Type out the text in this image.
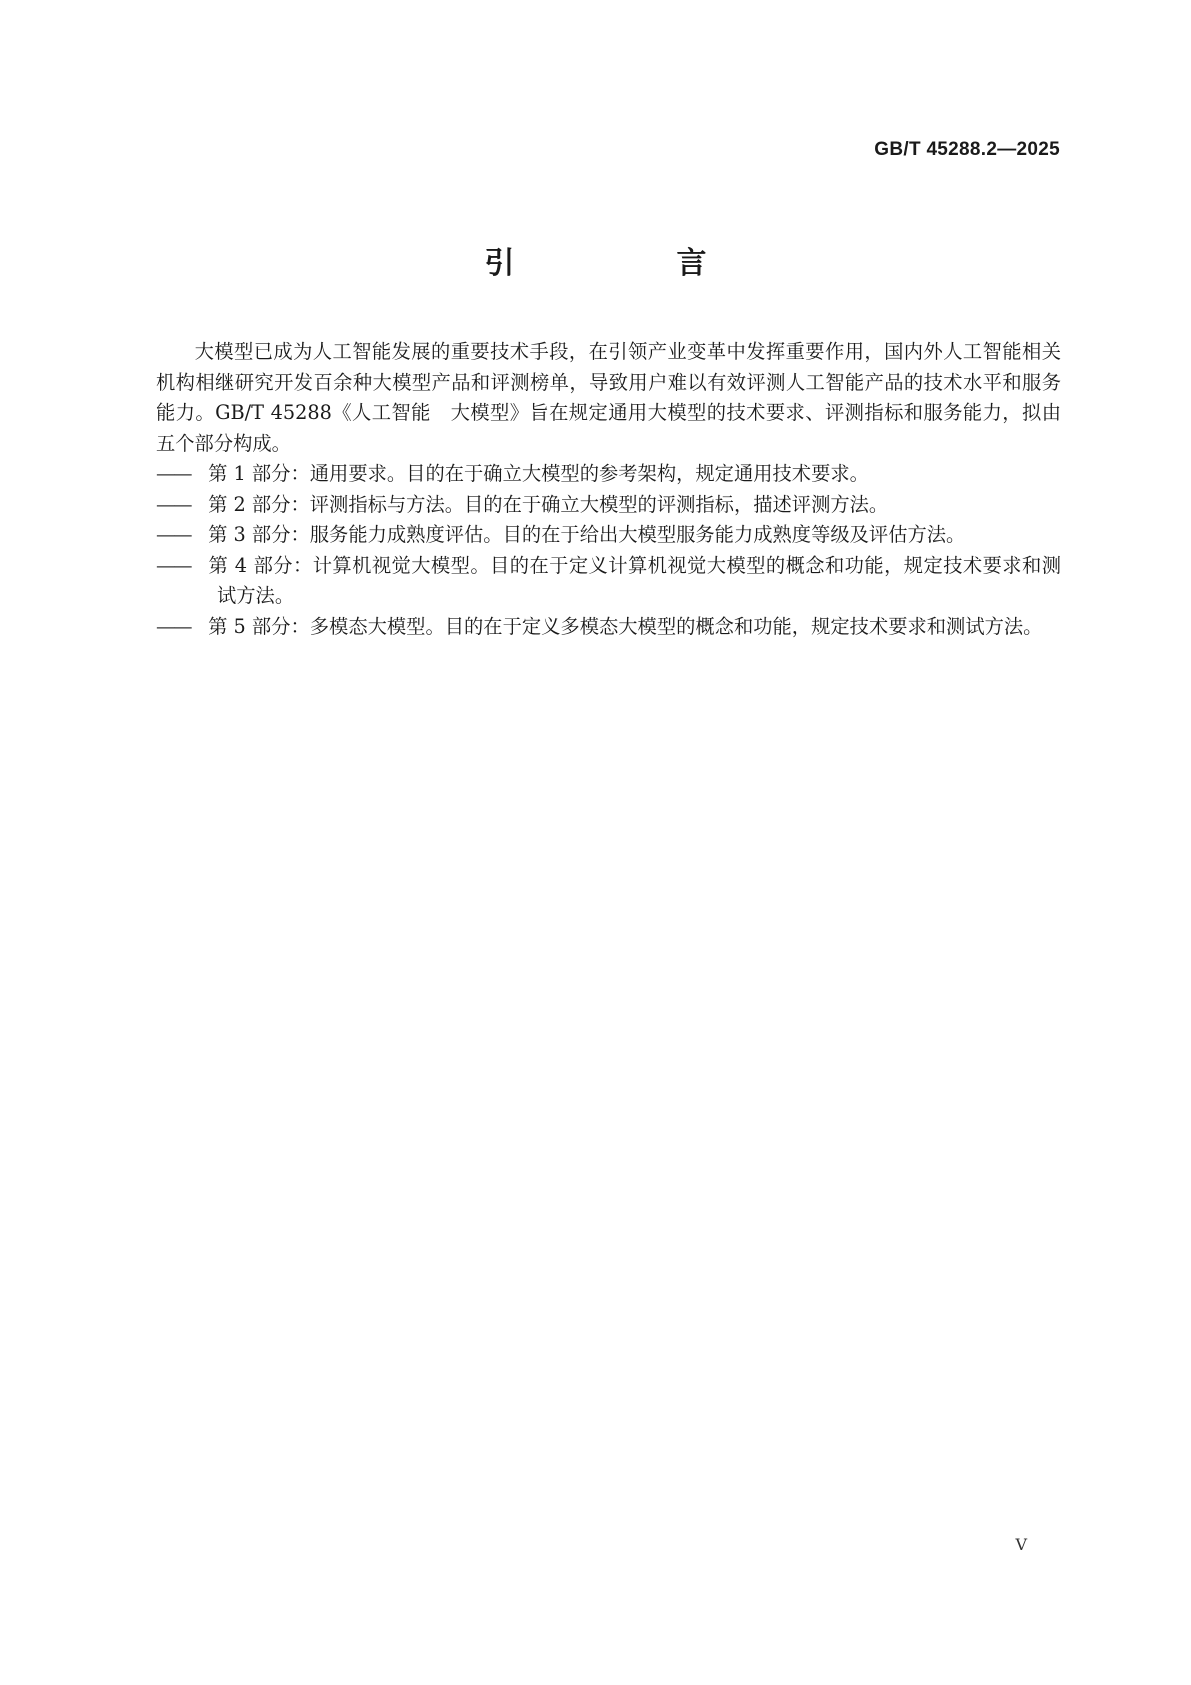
GB/T 45288.2—2025
引　言

大模型已成为人工智能发展的重要技术手段，在引领产业变革中发挥重要作用，国内外人工智能相关机构相继研究开发百余种大模型产品和评测榜单，导致用户难以有效评测人工智能产品的技术水平和服务能力。GB/T 45288《人工智能　大模型》旨在规定通用大模型的技术要求、评测指标和服务能力，拟由五个部分构成。

—— 第 1 部分：通用要求。目的在于确立大模型的参考架构，规定通用技术要求。

—— 第 2 部分：评测指标与方法。目的在于确立大模型的评测指标，描述评测方法。

—— 第 3 部分：服务能力成熟度评估。目的在于给出大模型服务能力成熟度等级及评估方法。

—— 第 4 部分：计算机视觉大模型。目的在于定义计算机视觉大模型的概念和功能，规定技术要求和测试方法。

—— 第 5 部分：多模态大模型。目的在于定义多模态大模型的概念和功能，规定技术要求和测试方法。

V
